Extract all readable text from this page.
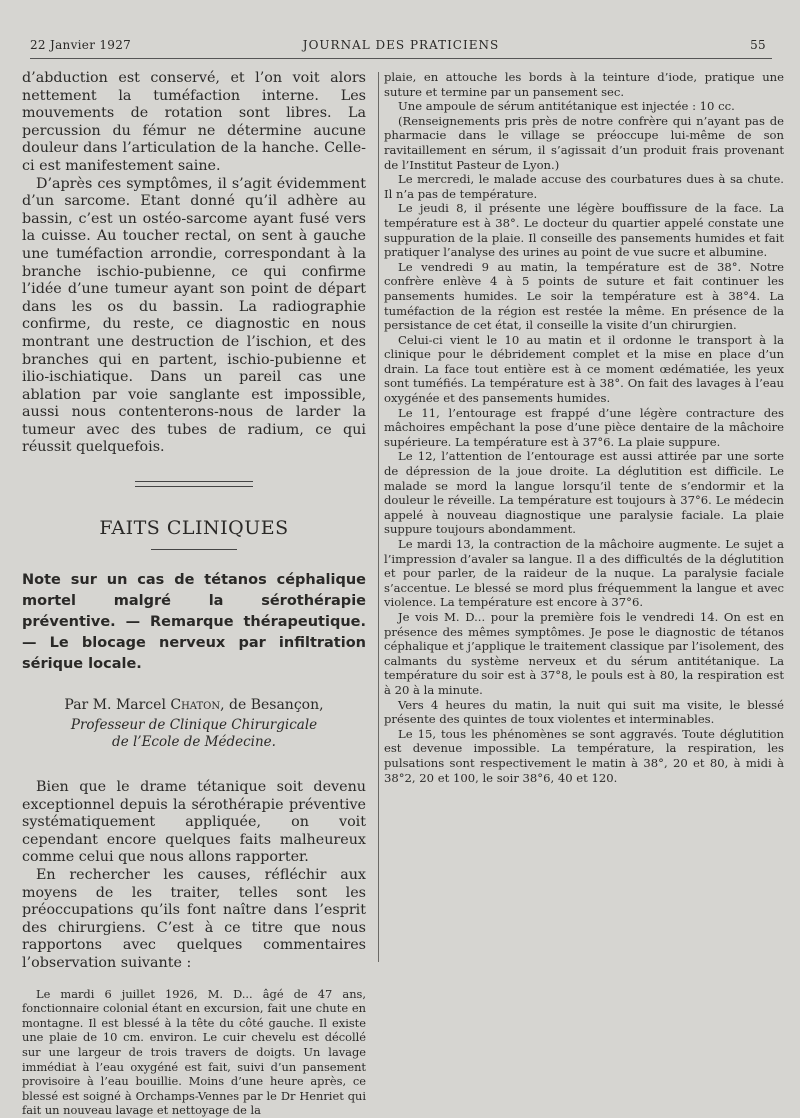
22 Janvier 1927	JOURNAL DES PRATICIENS	55

d’abduction est conservé, et l’on voit alors nettement la tuméfaction interne. Les mouvements de rotation sont libres. La percussion du fémur ne détermine aucune douleur dans l’articulation de la hanche. Celle-ci est manifestement saine.

D’après ces symptômes, il s’agit évidemment d’un sarcome. Etant donné qu’il adhère au bassin, c’est un ostéo-sarcome ayant fusé vers la cuisse. Au toucher rectal, on sent à gauche une tuméfaction arrondie, correspondant à la branche ischio-pubienne, ce qui confirme l’idée d’une tumeur ayant son point de départ dans les os du bassin. La radiographie confirme, du reste, ce diagnostic en nous montrant une destruction de l’ischion, et des branches qui en partent, ischio-pubienne et ilio-ischiatique. Dans un pareil cas une ablation par voie sanglante est impossible, aussi nous contenterons-nous de larder la tumeur avec des tubes de radium, ce qui réussit quelquefois.

FAITS CLINIQUES
Note sur un cas de tétanos céphalique mortel malgré la sérothérapie préventive. — Remarque thérapeutique. — Le blocage nerveux par infiltration sérique locale.
Par M. Marcel Chaton, de Besançon,
Professeur de Clinique Chirurgicale
de l’Ecole de Médecine.

Bien que le drame tétanique soit devenu exceptionnel depuis la sérothérapie préventive systématiquement appliquée, on voit cependant encore quelques faits malheureux comme celui que nous allons rapporter.

En rechercher les causes, réfléchir aux moyens de les traiter, telles sont les préoccupations qu’ils font naître dans l’esprit des chirurgiens. C’est à ce titre que nous rapportons avec quelques commentaires l’observation suivante :

Le mardi 6 juillet 1926, M. D... âgé de 47 ans, fonctionnaire colonial étant en excursion, fait une chute en montagne. Il est blessé à la tête du côté gauche. Il existe une plaie de 10 cm. environ. Le cuir chevelu est décollé sur une largeur de trois travers de doigts. Un lavage immédiat à l’eau oxygéné est fait, suivi d’un pansement provisoire à l’eau bouillie. Moins d’une heure après, ce blessé est soigné à Orchamps-Vennes par le Dr Henriet qui fait un nouveau lavage et nettoyage de la

plaie, en attouche les bords à la teinture d’iode, pratique une suture et termine par un pansement sec.

Une ampoule de sérum antitétanique est injectée : 10 cc.

(Renseignements pris près de notre confrère qui n’ayant pas de pharmacie dans le village se préoccupe lui-même de son ravitaillement en sérum, il s’agissait d’un produit frais provenant de l’Institut Pasteur de Lyon.)

Le mercredi, le malade accuse des courbatures dues à sa chute. Il n’a pas de température.

Le jeudi 8, il présente une légère bouffissure de la face. La température est à 38°. Le docteur du quartier appelé constate une suppuration de la plaie. Il conseille des pansements humides et fait pratiquer l’analyse des urines au point de vue sucre et albumine.

Le vendredi 9 au matin, la température est de 38°. Notre confrère enlève 4 à 5 points de suture et fait continuer les pansements humides. Le soir la température est à 38°4. La tuméfaction de la région est restée la même. En présence de la persistance de cet état, il conseille la visite d’un chirurgien.

Celui-ci vient le 10 au matin et il ordonne le transport à la clinique pour le débridement complet et la mise en place d’un drain. La face tout entière est à ce moment œdématiée, les yeux sont tuméfiés. La température est à 38°. On fait des lavages à l’eau oxygénée et des pansements humides.

Le 11, l’entourage est frappé d’une légère contracture des mâchoires empêchant la pose d’une pièce dentaire de la mâchoire supérieure. La température est à 37°6. La plaie suppure.

Le 12, l’attention de l’entourage est aussi attirée par une sorte de dépression de la joue droite. La déglutition est difficile. Le malade se mord la langue lorsqu’il tente de s’endormir et la douleur le réveille. La température est toujours à 37°6. Le médecin appelé à nouveau diagnostique une paralysie faciale. La plaie suppure toujours abondamment.

Le mardi 13, la contraction de la mâchoire augmente. Le sujet a l’impression d’avaler sa langue. Il a des difficultés de la déglutition et pour parler, de la raideur de la nuque. La paralysie faciale s’accentue. Le blessé se mord plus fréquemment la langue et avec violence. La température est encore à 37°6.

Je vois M. D... pour la première fois le vendredi 14. On est en présence des mêmes symptômes. Je pose le diagnostic de tétanos céphalique et j’applique le traitement classique par l’isolement, des calmants du système nerveux et du sérum antitétanique. La température du soir est à 37°8, le pouls est à 80, la respiration est à 20 à la minute.

Vers 4 heures du matin, la nuit qui suit ma visite, le blessé présente des quintes de toux violentes et interminables.

Le 15, tous les phénomènes se sont aggravés. Toute déglutition est devenue impossible. La température, la respiration, les pulsations sont respectivement le matin à 38°, 20 et 80, à midi à 38°2, 20 et 100, le soir 38°6, 40 et 120.
